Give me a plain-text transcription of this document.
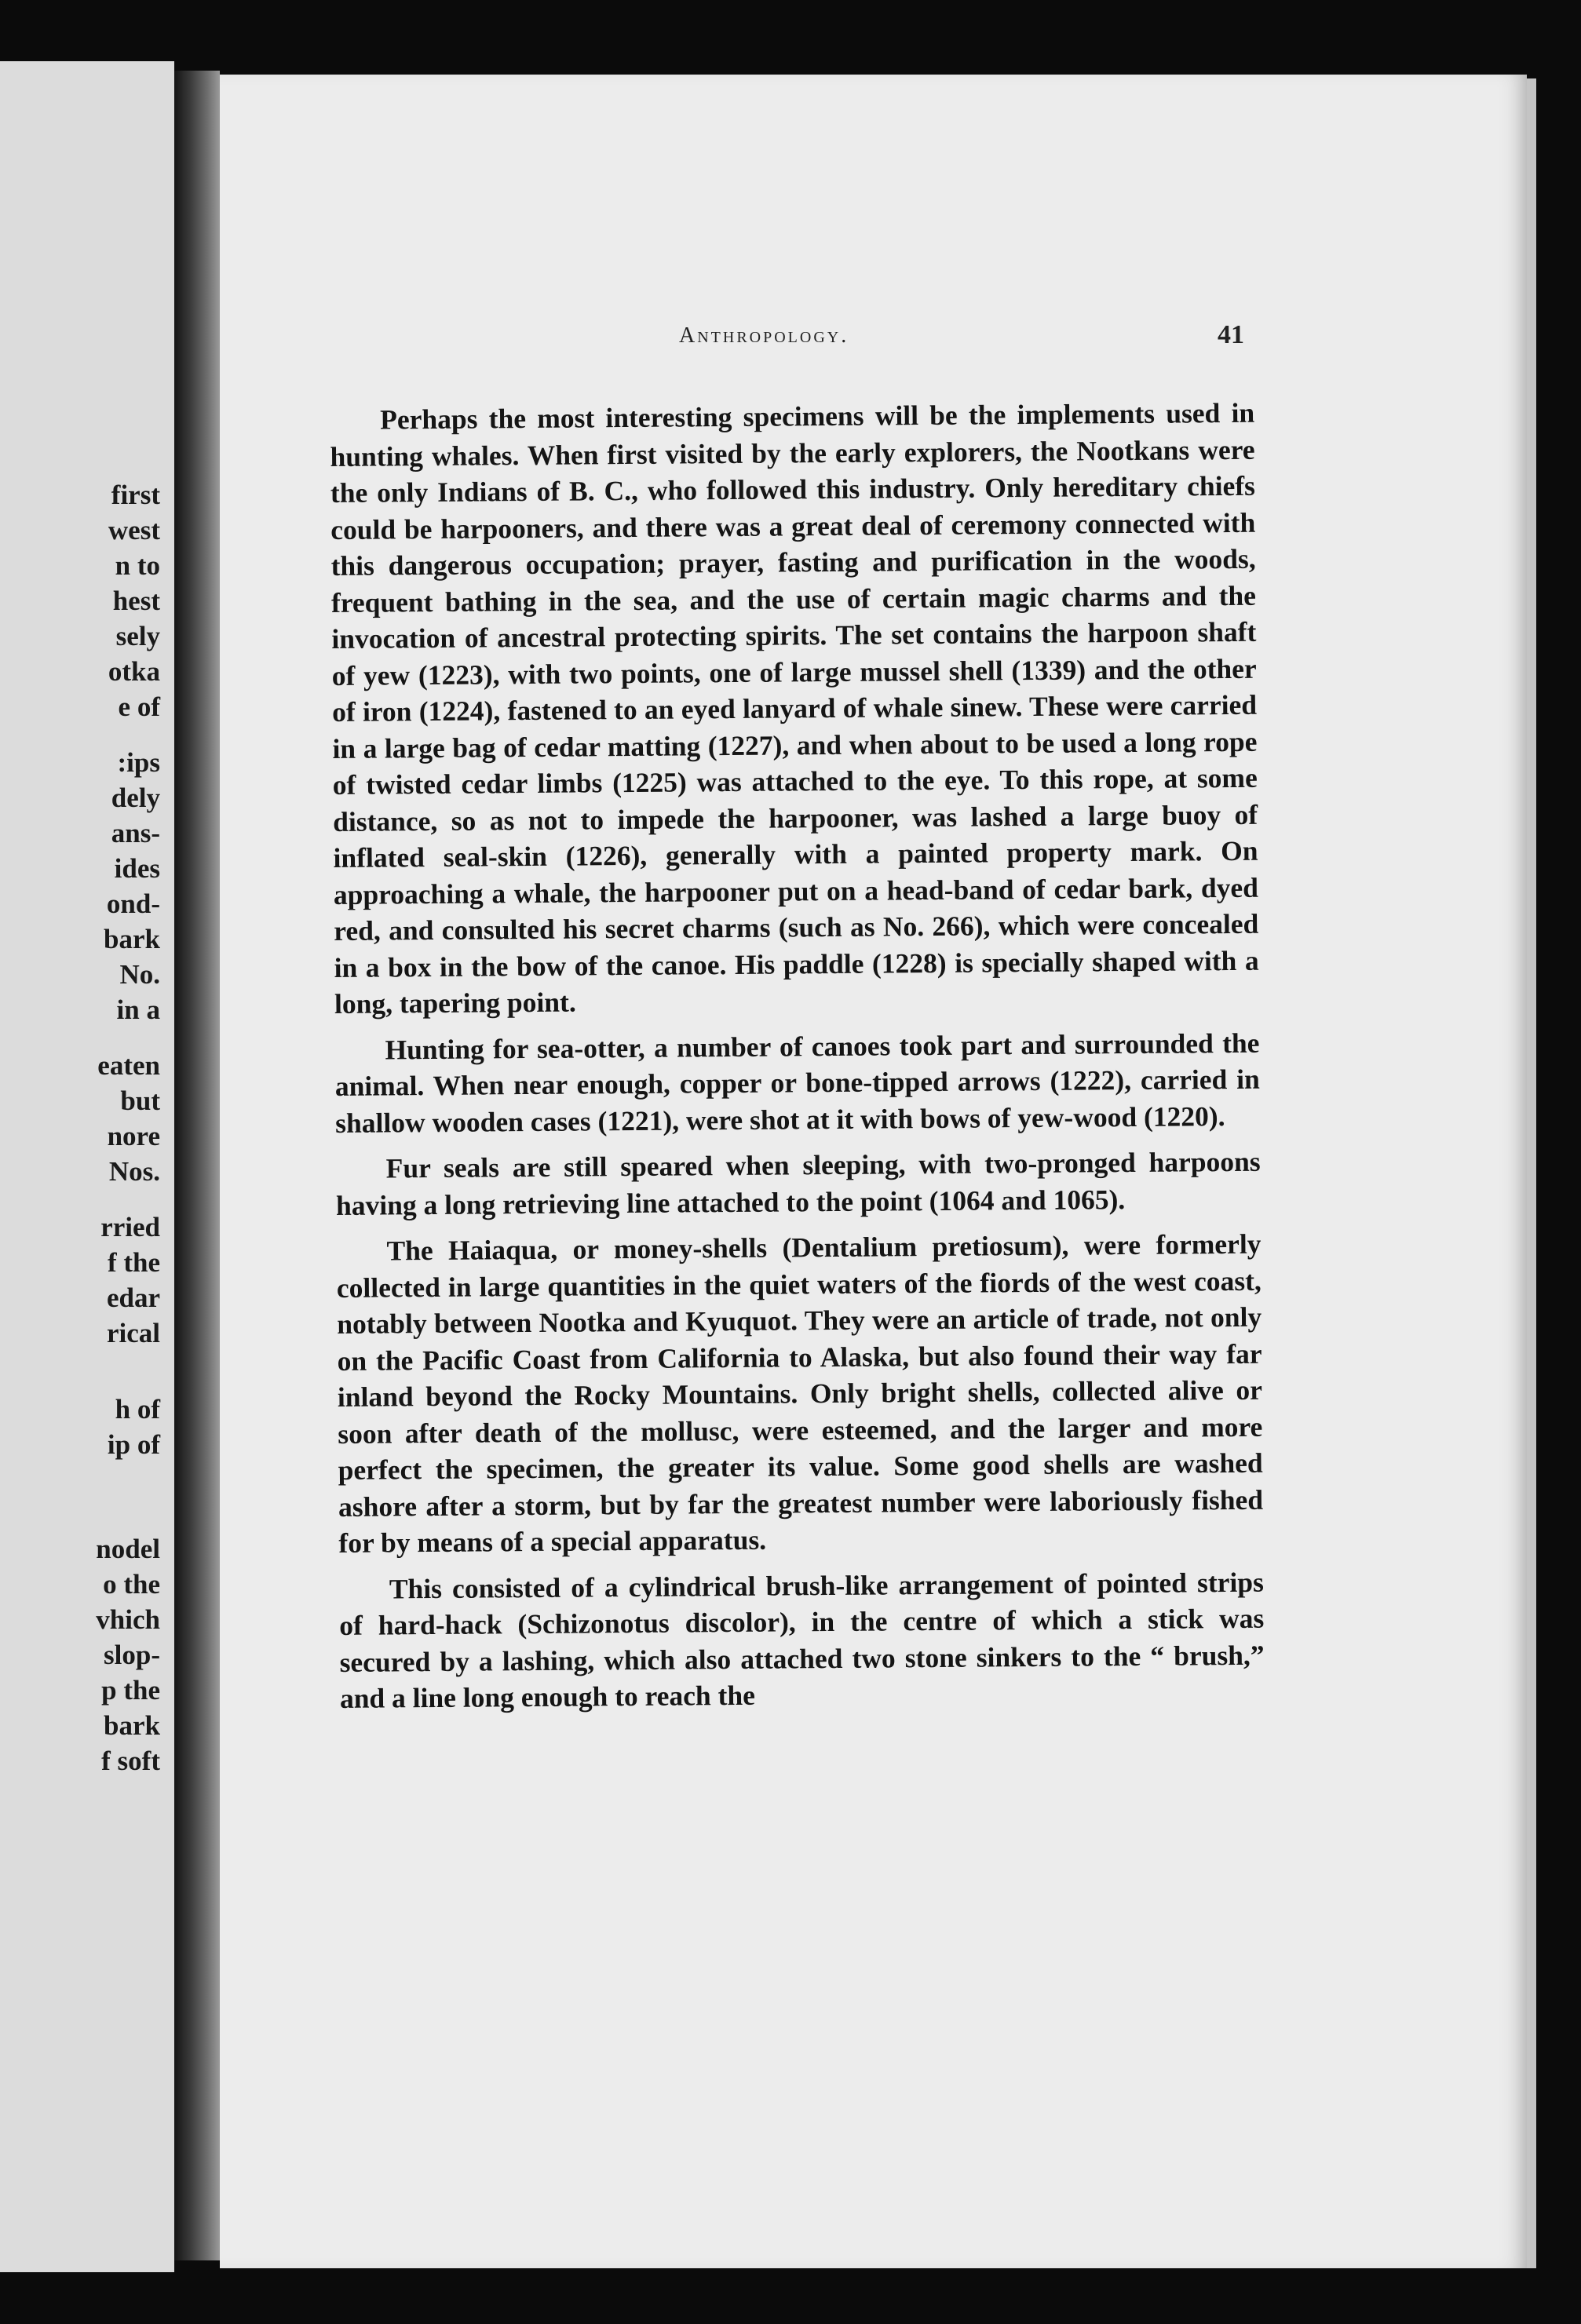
first
west
n to
hest
sely
otka
e of
:ips
dely
ans-
ides
ond-
bark
No.
in a
eaten
but
nore
Nos.
rried
f the
edar
rical
h of
ip of
nodel
o the
vhich
slop-
p the
bark
f soft
Anthropology.	41

Perhaps the most interesting specimens will be the implements used in hunting whales. When first visited by the early explorers, the Nootkans were the only Indians of B. C., who followed this industry. Only hereditary chiefs could be harpooners, and there was a great deal of ceremony connected with this dangerous occupation; prayer, fasting and purification in the woods, frequent bathing in the sea, and the use of certain magic charms and the invocation of ancestral protecting spirits. The set contains the harpoon shaft of yew (1223), with two points, one of large mussel shell (1339) and the other of iron (1224), fastened to an eyed lanyard of whale sinew. These were carried in a large bag of cedar matting (1227), and when about to be used a long rope of twisted cedar limbs (1225) was attached to the eye. To this rope, at some distance, so as not to impede the harpooner, was lashed a large buoy of inflated seal-skin (1226), generally with a painted property mark. On approaching a whale, the harpooner put on a head-band of cedar bark, dyed red, and consulted his secret charms (such as No. 266), which were concealed in a box in the bow of the canoe. His paddle (1228) is specially shaped with a long, tapering point.

Hunting for sea-otter, a number of canoes took part and surrounded the animal. When near enough, copper or bone-tipped arrows (1222), carried in shallow wooden cases (1221), were shot at it with bows of yew-wood (1220).

Fur seals are still speared when sleeping, with two-pronged harpoons having a long retrieving line attached to the point (1064 and 1065).

The Haiaqua, or money-shells (Dentalium pretiosum), were formerly collected in large quantities in the quiet waters of the fiords of the west coast, notably between Nootka and Kyuquot. They were an article of trade, not only on the Pacific Coast from California to Alaska, but also found their way far inland beyond the Rocky Mountains. Only bright shells, collected alive or soon after death of the mollusc, were esteemed, and the larger and more perfect the specimen, the greater its value. Some good shells are washed ashore after a storm, but by far the greatest number were laboriously fished for by means of a special apparatus.

This consisted of a cylindrical brush-like arrangement of pointed strips of hard-hack (Schizonotus discolor), in the centre of which a stick was secured by a lashing, which also attached two stone sinkers to the “ brush,” and a line long enough to reach the
